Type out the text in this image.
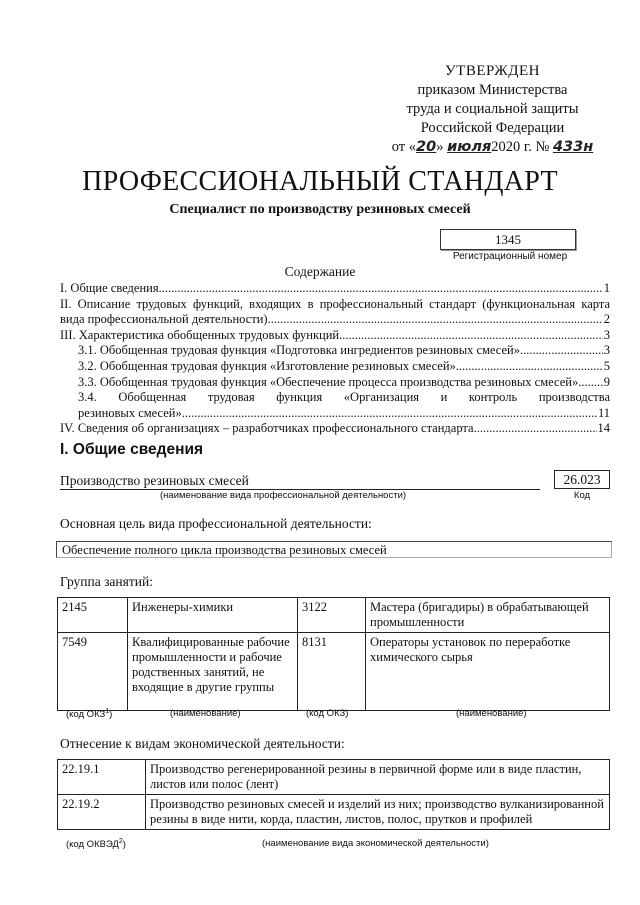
УТВЕРЖДЕН
приказом Министерства
труда и социальной защиты
Российской Федерации
от «20» июля2020 г. № 433н
ПРОФЕССИОНАЛЬНЫЙ СТАНДАРТ
Специалист по производству резиновых смесей
1345
Регистрационный номер
Содержание
I. Общие сведения .....	1
II. Описание трудовых функций, входящих в профессиональный стандарт (функциональная карта
вида профессиональной деятельности) .....	2
III. Характеристика обобщенных трудовых функций .....	3
3.1. Обобщенная трудовая функция «Подготовка ингредиентов резиновых смесей» .....	3
3.2. Обобщенная трудовая функция «Изготовление резиновых смесей» .....	5
3.3. Обобщенная трудовая функция «Обеспечение процесса производства резиновых смесей» ..... 9
3.4. Обобщенная трудовая функция «Организация и контроль производства
резиновых смесей» .....	11
IV. Сведения об организациях – разработчиках профессионального стандарта .....	14
I. Общие сведения
Производство резиновых смесей
(наименование вида профессиональной деятельности)
26.023
Код
Основная цель вида профессиональной деятельности:
Обеспечение полного цикла производства резиновых смесей
Группа занятий:
2145	Инженеры-химики	3122	Мастера (бригадиры) в обрабатывающей промышленности
7549	Квалифицированные рабочие промышленности и рабочие родственных занятий, не входящие в другие группы	8131	Операторы установок по переработке химического сырья
(код ОКЗ$^1$)	(наименование)	(код ОКЗ)	(наименование)
Отнесение к видам экономической деятельности:
22.19.1	Производство регенерированной резины в первичной форме или в виде пластин, листов или полос (лент)
22.19.2	Производство резиновых смесей и изделий из них; производство вулканизированной резины в виде нити, корда, пластин, листов, полос, прутков и профилей
(код ОКВЭД$^2$)	(наименование вида экономической деятельности)
